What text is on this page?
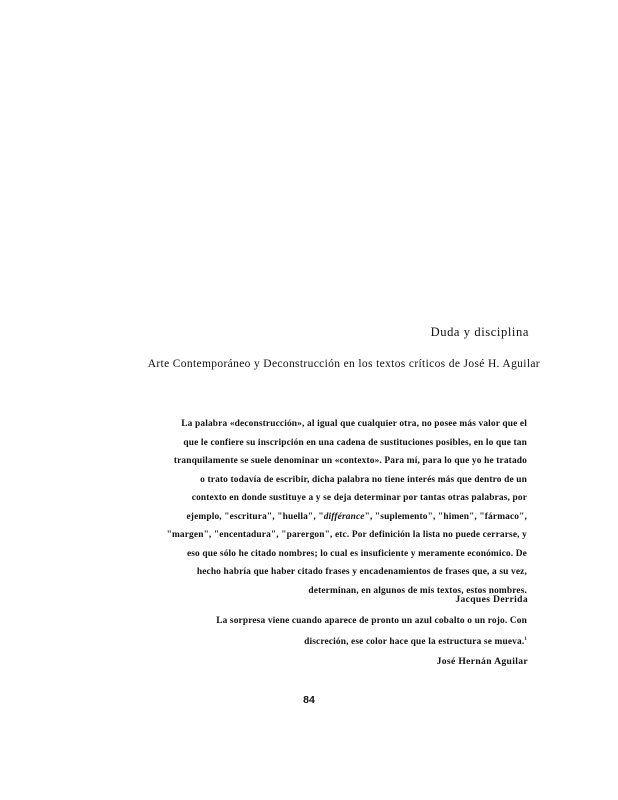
Duda y disciplina
Arte Contemporáneo y Deconstrucción en los textos críticos de José H. Aguilar
La palabra «deconstrucción», al igual que cualquier otra, no posee más valor que el
que le confiere su inscripción en una cadena de sustituciones posibles, en lo que tan
tranquilamente se suele denominar un «contexto». Para mí, para lo que yo he tratado
o trato todavía de escribir, dicha palabra no tiene interés más que dentro de un
contexto en donde sustituye a y se deja determinar por tantas otras palabras, por
ejemplo, "escritura", "huella", "différance", "suplemento", "himen", "fármaco",
"margen", "encentadura", "parergon", etc. Por definición la lista no puede cerrarse, y
eso que sólo he citado nombres; lo cual es insuficiente y meramente económico. De
hecho habría que haber citado frases y encadenamientos de frases que, a su vez,
determinan, en algunos de mis textos, estos nombres.

Jacques Derrida

La sorpresa viene cuando aparece de pronto un azul cobalto o un rojo. Con
discreción, ese color hace que la estructura se mueva.$^1$

José Hernán Aguilar

84
